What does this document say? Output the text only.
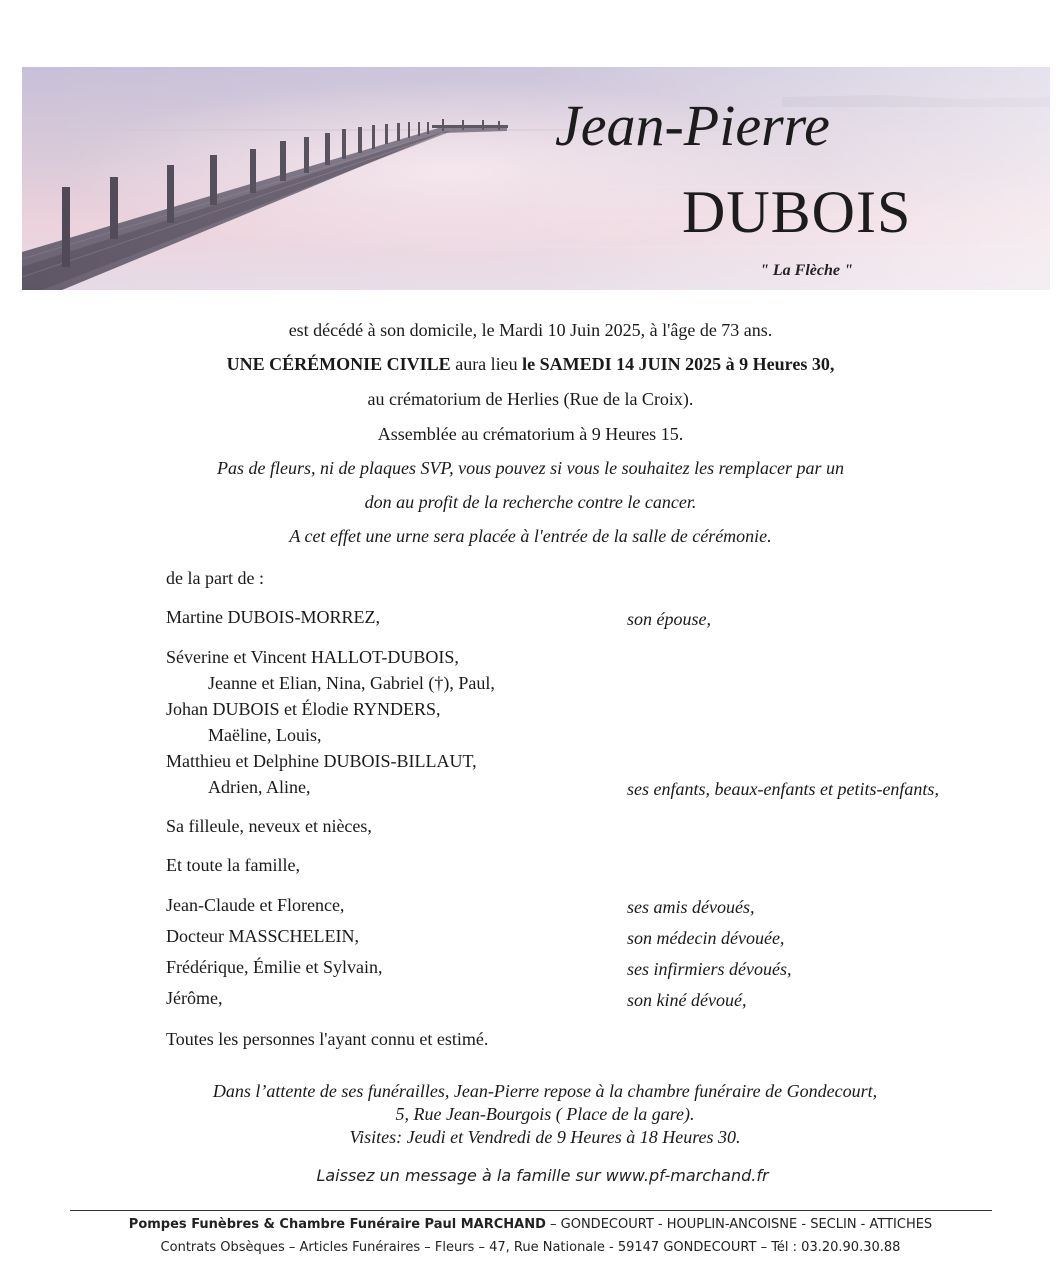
Jean-Pierre
DUBOIS
" La Flèche "
est décédé à son domicile, le Mardi 10 Juin 2025, à l'âge de 73 ans.
UNE CÉRÉMONIE CIVILE aura lieu le SAMEDI 14 JUIN 2025 à 9 Heures 30,
au crématorium de Herlies (Rue de la Croix).
Assemblée au crématorium à 9 Heures 15.
Pas de fleurs, ni de plaques SVP, vous pouvez si vous le souhaitez les remplacer par un
don au profit de la recherche contre le cancer.
A cet effet une urne sera placée à l'entrée de la salle de cérémonie.
de la part de :
Martine DUBOIS-MORREZ,	son épouse,
Séverine et Vincent HALLOT-DUBOIS,
Jeanne et Elian, Nina, Gabriel (†), Paul,
Johan DUBOIS et Élodie RYNDERS,
Maëline, Louis,
Matthieu et Delphine DUBOIS-BILLAUT,
Adrien, Aline,	ses enfants, beaux-enfants et petits-enfants,
Sa filleule, neveux et nièces,
Et toute la famille,
Jean-Claude et Florence,	ses amis dévoués,
Docteur MASSCHELEIN,	son médecin dévouée,
Frédérique, Émilie et Sylvain,	ses infirmiers dévoués,
Jérôme,	son kiné dévoué,
Toutes les personnes l'ayant connu et estimé.
Dans l’attente de ses funérailles, Jean-Pierre repose à la chambre funéraire de Gondecourt,
5, Rue Jean-Bourgois ( Place de la gare).
Visites: Jeudi et Vendredi de 9 Heures à 18 Heures 30.
Laissez un message à la famille sur www.pf-marchand.fr
Pompes Funèbres & Chambre Funéraire Paul MARCHAND – GONDECOURT - HOUPLIN-ANCOISNE - SECLIN - ATTICHES
Contrats Obsèques – Articles Funéraires – Fleurs – 47, Rue Nationale - 59147 GONDECOURT – Tél : 03.20.90.30.88
